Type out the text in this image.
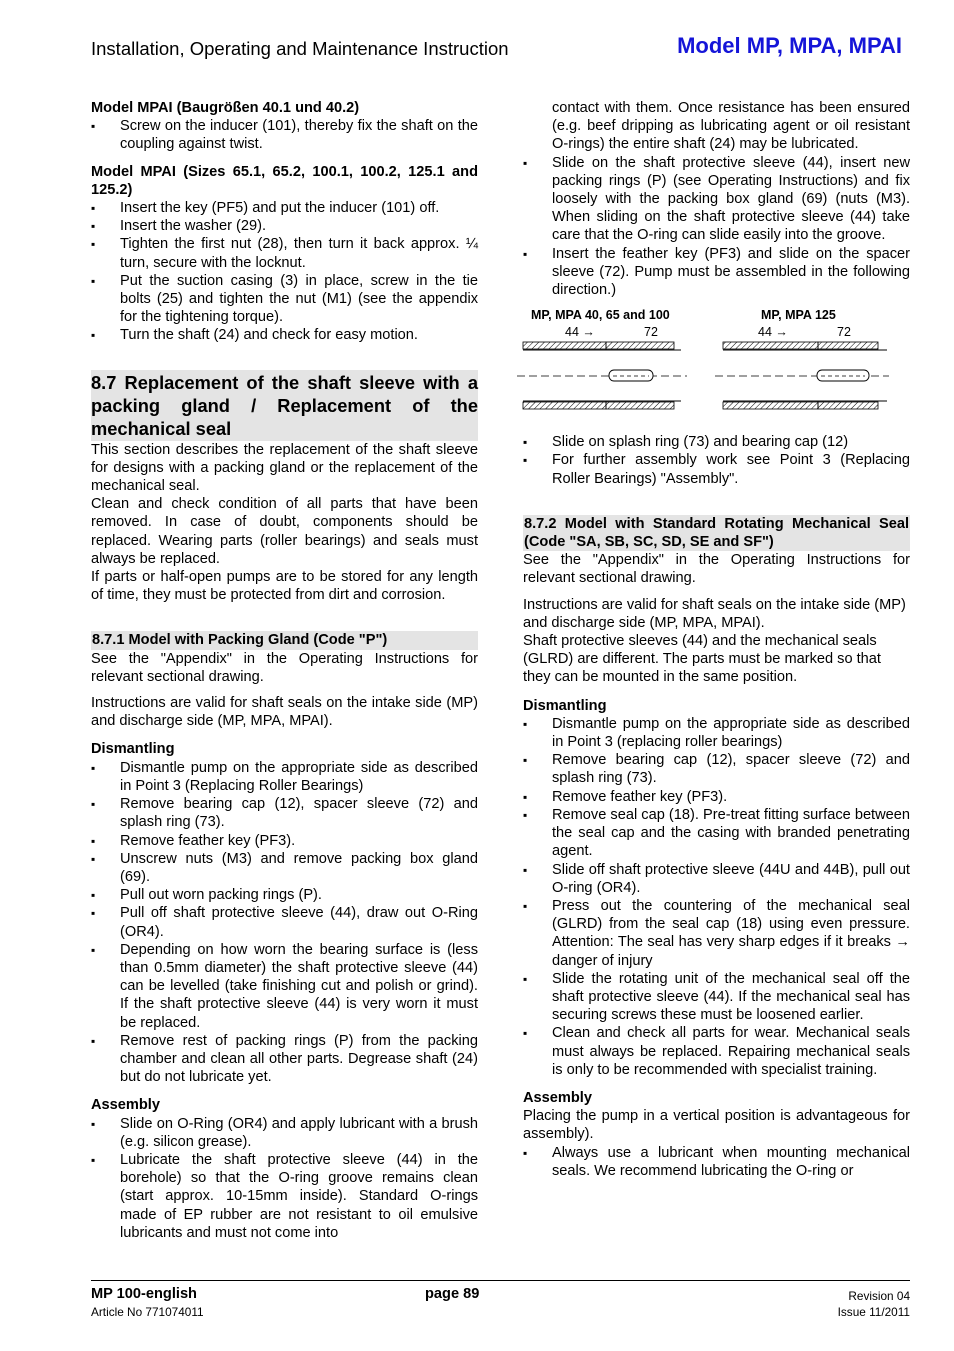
Installation, Operating and Maintenance Instruction	Model MP, MPA, MPAI

Model MPAI (Baugrößen 40.1 und 40.2)

▪ Screw on the inducer (101), thereby fix the shaft on the coupling against twist.

Model MPAI (Sizes 65.1, 65.2, 100.1, 100.2, 125.1 and 125.2)

▪ Insert the key (PF5) and put the inducer (101) off.
▪ Insert the washer (29).
▪ Tighten the first nut (28), then turn it back approx. ¼ turn, secure with the locknut.
▪ Put the suction casing (3) in place, screw in the tie bolts (25) and tighten the nut (M1) (see the appendix for the tightening torque).
▪ Turn the shaft (24) and check for easy motion.
8.7 Replacement of the shaft sleeve with a packing gland / Replacement of the mechanical seal

This section describes the replacement of the shaft sleeve for designs with a packing gland or the replacement of the mechanical seal.

Clean and check condition of all parts that have been removed. In case of doubt, components should be replaced. Wearing parts (roller bearings) and seals must always be replaced.

If parts or half-open pumps are to be stored for any length of time, they must be protected from dirt and corrosion.

8.7.1 Model with Packing Gland (Code "P")

See the "Appendix" in the Operating Instructions for relevant sectional drawing.

Instructions are valid for shaft seals on the intake side (MP) and discharge side (MP, MPA, MPAI).

Dismantling

▪ Dismantle pump on the appropriate side as described in Point 3 (Replacing Roller Bearings)
▪ Remove bearing cap (12), spacer sleeve (72) and splash ring (73).
▪ Remove feather key (PF3).
▪ Unscrew nuts (M3) and remove packing box gland (69).
▪ Pull out worn packing rings (P).
▪ Pull off shaft protective sleeve (44), draw out O-Ring (OR4).
▪ Depending on how worn the bearing surface is (less than 0.5mm diameter) the shaft protective sleeve (44) can be levelled (take finishing cut and polish or grind). If the shaft protective sleeve (44) is very worn it must be replaced.
▪ Remove rest of packing rings (P) from the packing chamber and clean all other parts. Degrease shaft (24) but do not lubricate yet.

Assembly

▪ Slide on O-Ring (OR4) and apply lubricant with a brush (e.g. silicon grease).
▪ Lubricate the shaft protective sleeve (44) in the borehole) so that the O-ring groove remains clean (start approx. 10-15mm inside). Standard O-rings made of EP rubber are not resistant to oil emulsive lubricants and must not come into

contact with them. Once resistance has been ensured (e.g. beef dripping as lubricating agent or oil resistant O-rings) the entire shaft (24) may be lubricated.

▪ Slide on the shaft protective sleeve (44), insert new packing rings (P) (see Operating Instructions) and fix loosely with the packing box gland (69) (nuts (M3). When sliding on the shaft protective sleeve (44) take care that the O-ring can slide easily into the groove.
▪ Insert the feather key (PF3) and slide on the spacer sleeve (72). Pump must be assembled in the following direction.)
MP, MPA 40, 65 and 100	MP, MPA 125
44 →	72	44 →	72
▪ Slide on splash ring (73) and bearing cap (12)
▪ For further assembly work see Point 3 (Replacing Roller Bearings) "Assembly".
8.7.2 Model with Standard Rotating Mechanical Seal (Code "SA, SB, SC, SD, SE and SF")

See the "Appendix" in the Operating Instructions for relevant sectional drawing.

Instructions are valid for shaft seals on the intake side (MP) and discharge side (MP, MPA, MPAI).

Shaft protective sleeves (44) and the mechanical seals (GLRD) are different. The parts must be marked so that they can be mounted in the same position.

Dismantling

▪ Dismantle pump on the appropriate side as described in Point 3 (replacing roller bearings)
▪ Remove bearing cap (12), spacer sleeve (72) and splash ring (73).
▪ Remove feather key (PF3).
▪ Remove seal cap (18). Pre-treat fitting surface between the seal cap and the casing with branded penetrating agent.
▪ Slide off shaft protective sleeve (44U and 44B), pull out O-ring (OR4).
▪ Press out the countering of the mechanical seal (GLRD) from the seal cap (18) using even pressure. Attention: The seal has very sharp edges if it breaks → danger of injury
▪ Slide the rotating unit of the mechanical seal off the shaft protective sleeve (44). If the mechanical seal has securing screws these must be loosened earlier.
▪ Clean and check all parts for wear. Mechanical seals must always be replaced. Repairing mechanical seals is only to be recommended with specialist training.

Assembly

Placing the pump in a vertical position is advantageous for assembly).

▪ Always use a lubricant when mounting mechanical seals. We recommend lubricating the O-ring or
MP 100-english
Article No 771074011
page 89	Revision 04
Issue 11/2011
